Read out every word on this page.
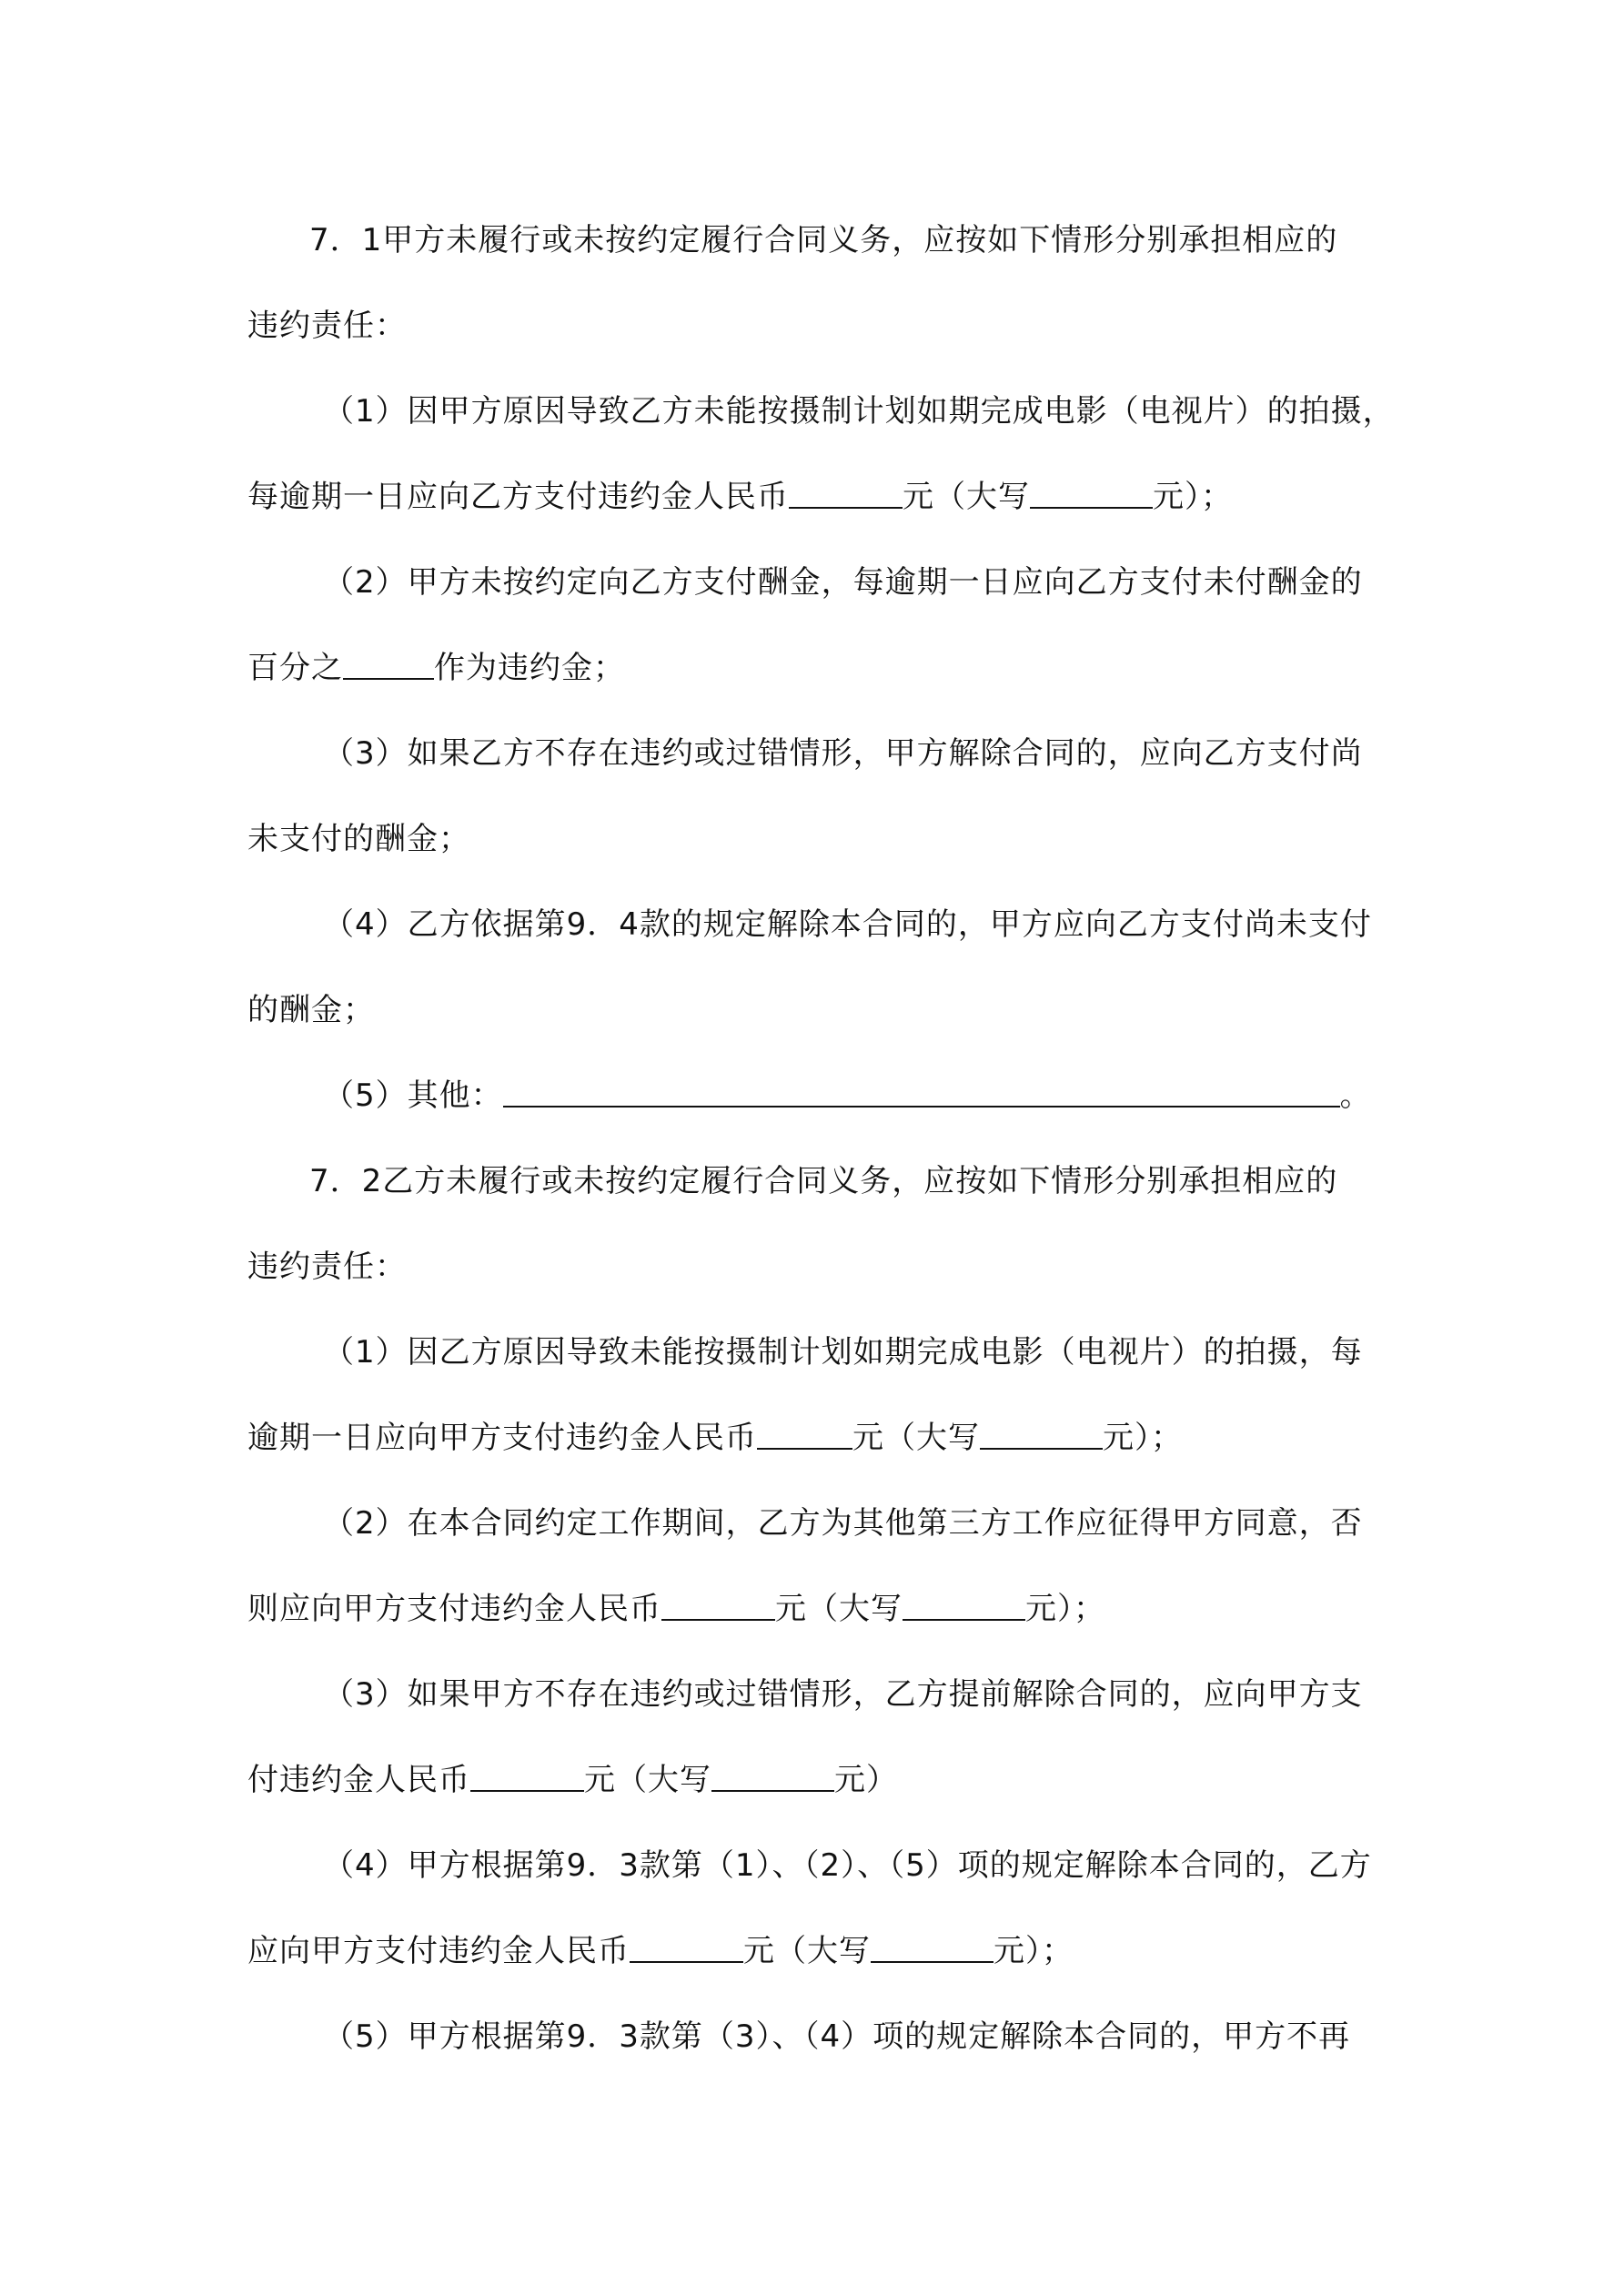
7．1甲方未履行或未按约定履行合同义务，应按如下情形分别承担相应的
违约责任：
（1）因甲方原因导致乙方未能按摄制计划如期完成电影（电视片）的拍摄，
每逾期一日应向乙方支付违约金人民币	元（大写	元）；
（2）甲方未按约定向乙方支付酬金，每逾期一日应向乙方支付未付酬金的
百分之	作为违约金；
（3）如果乙方不存在违约或过错情形，甲方解除合同的，应向乙方支付尚
未支付的酬金；
（4）乙方依据第9．4款的规定解除本合同的，甲方应向乙方支付尚未支付
的酬金；
（5）其他：	。
7．2乙方未履行或未按约定履行合同义务，应按如下情形分别承担相应的
违约责任：
（1）因乙方原因导致未能按摄制计划如期完成电影（电视片）的拍摄，每
逾期一日应向甲方支付违约金人民币	元（大写	元）；
（2）在本合同约定工作期间，乙方为其他第三方工作应征得甲方同意，否
则应向甲方支付违约金人民币	元（大写	元）；
（3）如果甲方不存在违约或过错情形，乙方提前解除合同的，应向甲方支
付违约金人民币	元（大写	元）
（4）甲方根据第9．3款第（1）、（2）、（5）项的规定解除本合同的，乙方
应向甲方支付违约金人民币	元（大写	元）；
（5）甲方根据第9．3款第（3）、（4）项的规定解除本合同的，甲方不再
